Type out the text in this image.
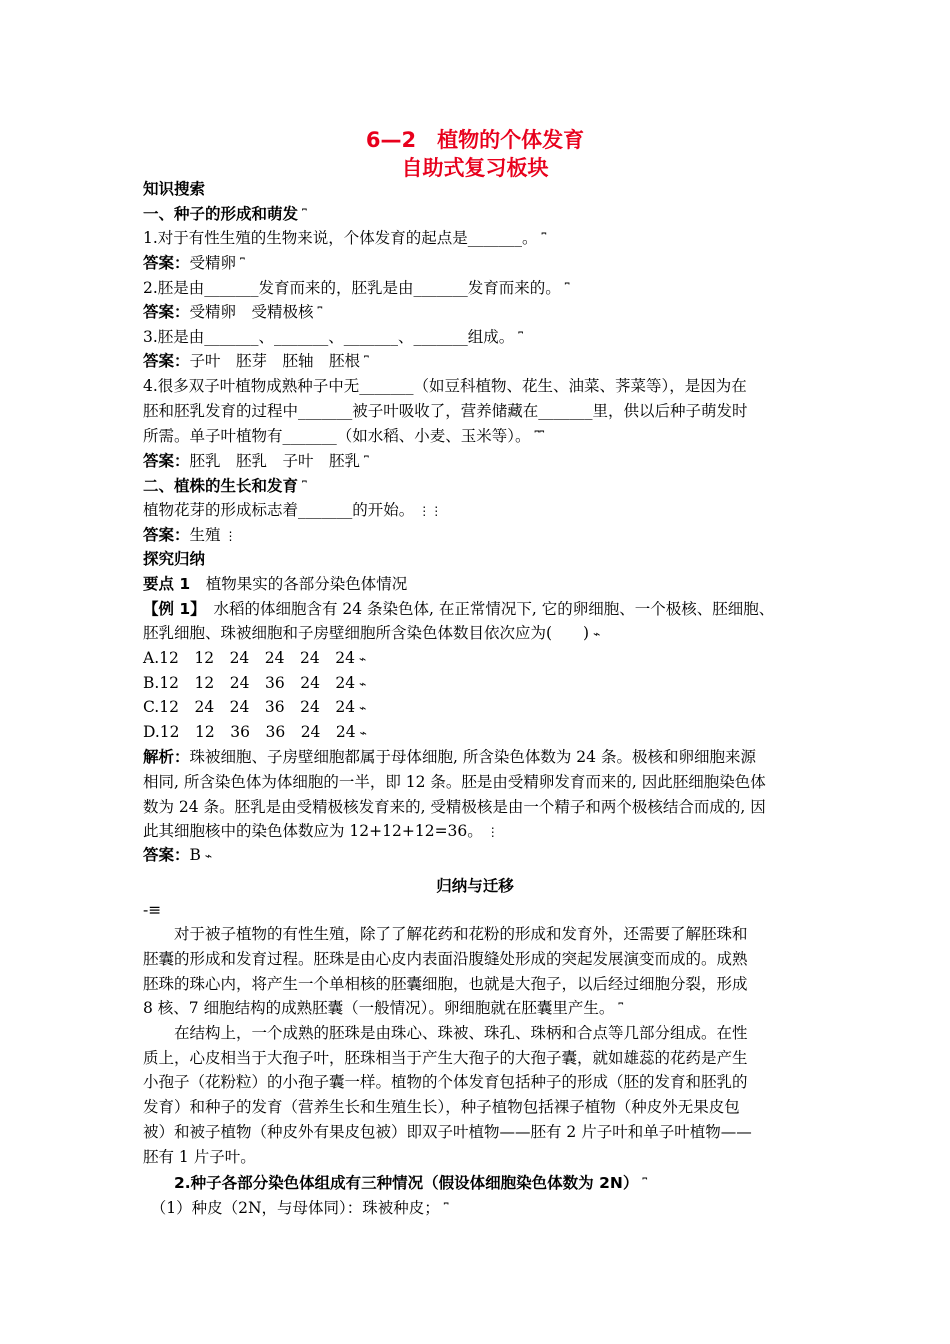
6—2　植物的个体发育
自助式复习板块
知识搜索
一、种子的形成和萌发 ⎴
1.对于有性生殖的生物来说，个体发育的起点是_______。 ⎴
答案：受精卵 ⎴
2.胚是由_______发育而来的，胚乳是由_______发育而来的。 ⎴
答案：受精卵　受精极核 ⎴
3.胚是由_______、_______、_______、_______组成。 ⎴
答案：子叶　胚芽　胚轴　胚根 ⎴
4.很多双子叶植物成熟种子中无_______（如豆科植物、花生、油菜、荠菜等），是因为在
胚和胚乳发育的过程中_______被子叶吸收了，营养储藏在_______里，供以后种子萌发时
所需。单子叶植物有_______（如水稻、小麦、玉米等）。 ⎴⎴
答案：胚乳　胚乳　子叶　胚乳 ⎴
二、植株的生长和发育 ⎴
植物花芽的形成标志着_______的开始。 ⋮⋮
答案：生殖 ⋮
探究归纳
要点 1　植物果实的各部分染色体情况
【例 1】　水稻的体细胞含有 24 条染色体, 在正常情况下, 它的卵细胞、一个极核、胚细胞、
胚乳细胞、珠被细胞和子房壁细胞所含染色体数目依次应为(　　) ⌁
A.12　12　24　24　24　24 ⌁
B.12　12　24　36　24　24 ⌁
C.12　24　24　36　24　24 ⌁
D.12　12　36　36　24　24 ⌁
解析：珠被细胞、子房壁细胞都属于母体细胞, 所含染色体数为 24 条。极核和卵细胞来源
相同, 所含染色体为体细胞的一半，即 12 条。胚是由受精卵发育而来的, 因此胚细胞染色体
数为 24 条。胚乳是由受精极核发育来的, 受精极核是由一个精子和两个极核结合而成的, 因
此其细胞核中的染色体数应为 12+12+12=36。 ⋮
答案：B ⌁
归纳与迁移
-≡
　　对于被子植物的有性生殖，除了了解花药和花粉的形成和发育外，还需要了解胚珠和
胚囊的形成和发育过程。胚珠是由心皮内表面沿腹缝处形成的突起发展演变而成的。成熟
胚珠的珠心内，将产生一个单相核的胚囊细胞，也就是大孢子，以后经过细胞分裂，形成
8 核、7 细胞结构的成熟胚囊（一般情况）。卵细胞就在胚囊里产生。 ⎴
　　在结构上，一个成熟的胚珠是由珠心、珠被、珠孔、珠柄和合点等几部分组成。在性
质上，心皮相当于大孢子叶，胚珠相当于产生大孢子的大孢子囊，就如雄蕊的花药是产生
小孢子（花粉粒）的小孢子囊一样。植物的个体发育包括种子的形成（胚的发育和胚乳的
发育）和种子的发育（营养生长和生殖生长），种子植物包括裸子植物（种皮外无果皮包
被）和被子植物（种皮外有果皮包被）即双子叶植物——胚有 2 片子叶和单子叶植物——
胚有 1 片子叶。
　　2.种子各部分染色体组成有三种情况（假设体细胞染色体数为 2N） ⎴
　（1）种皮（2N，与母体同）：珠被种皮； ⎴
